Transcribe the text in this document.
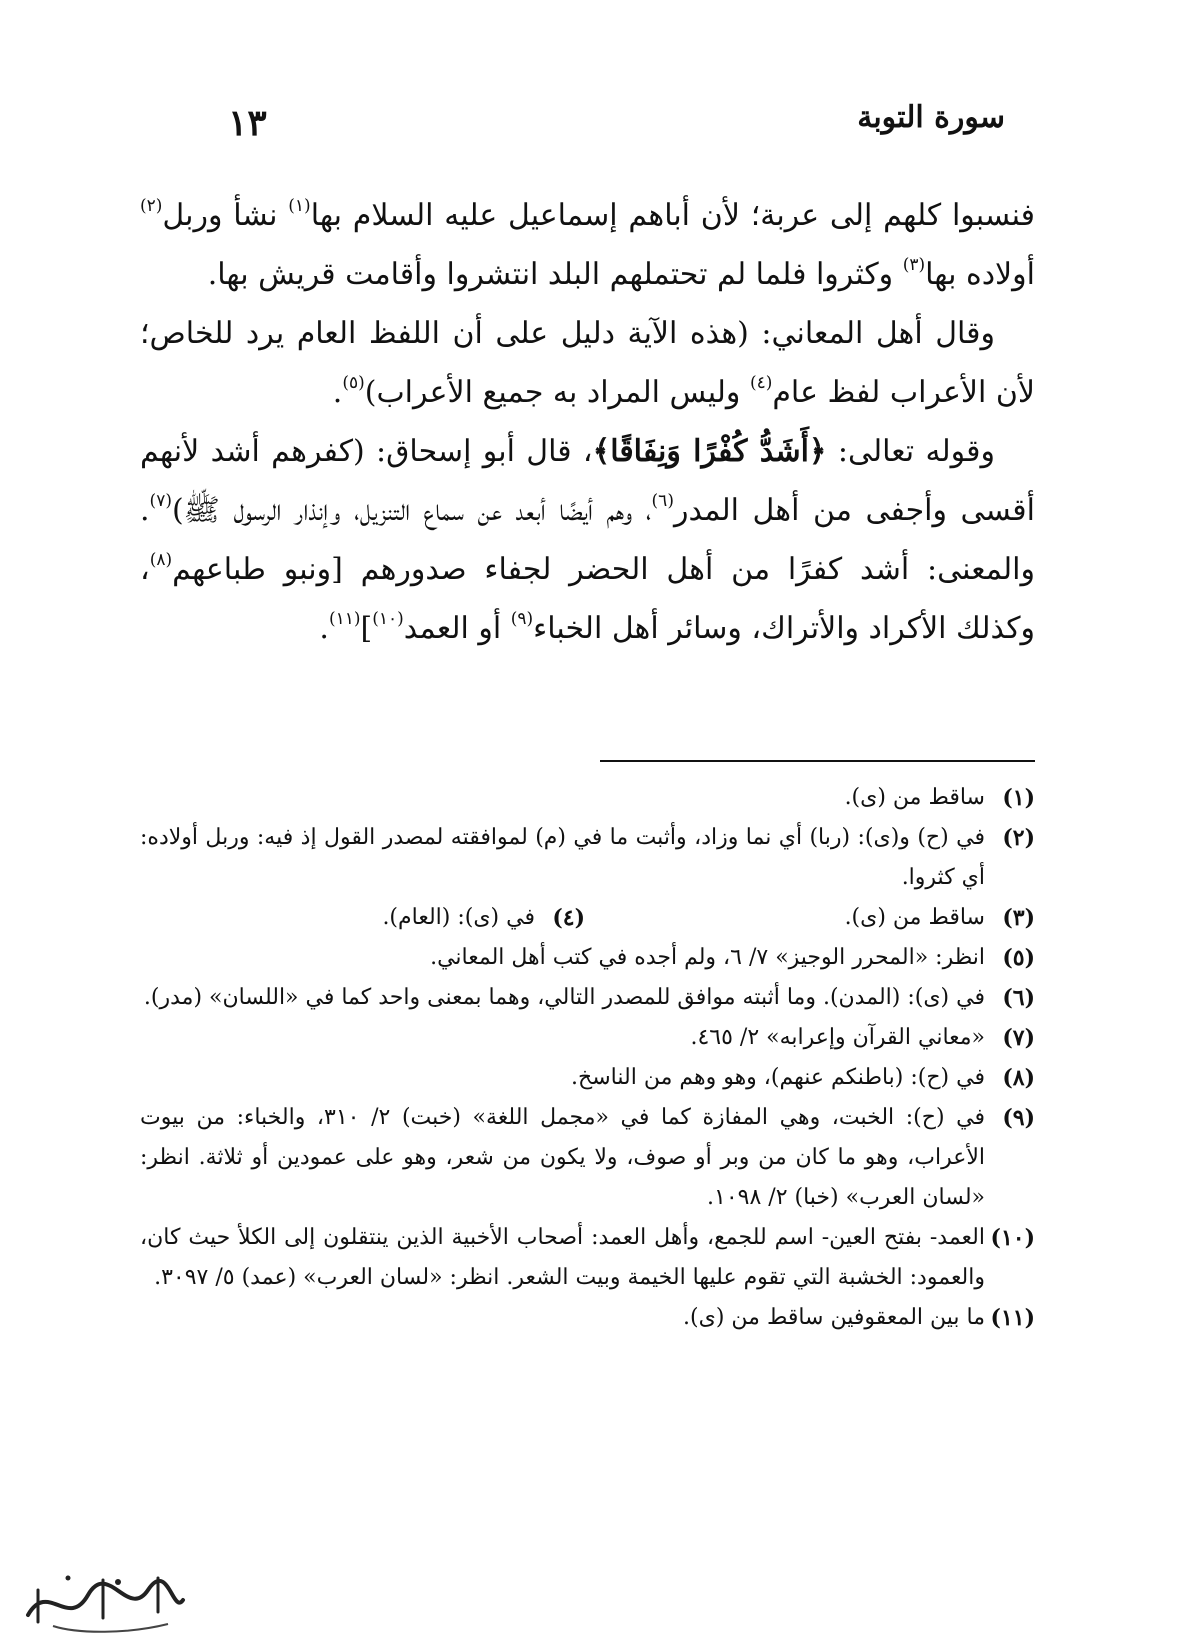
سورة التوبة
١٣

فنسبوا كلهم إلى عربة؛ لأن أباهم إسماعيل عليه السلام بها$^{(١)}$ نشأ وربل$^{(٢)}$ أولاده بها$^{(٣)}$ وكثروا فلما لم تحتملهم البلد انتشروا وأقامت قريش بها.

وقال أهل المعاني: (هذه الآية دليل على أن اللفظ العام يرد للخاص؛ لأن الأعراب لفظ عام$^{(٤)}$ وليس المراد به جميع الأعراب)$^{(٥)}$.

وقوله تعالى: ﴿أَشَدُّ كُفْرًا وَنِفَاقًا﴾، قال أبو إسحاق: (كفرهم أشد لأنهم أقسى وأجفى من أهل المدر$^{(٦)}$، وهم أيضًا أبعد عن سماع التنزيل، وإنذار الرسول ﷺ)$^{(٧)}$. والمعنى: أشد كفرًا من أهل الحضر لجفاء صدورهم [ونبو طباعهم$^{(٨)}$، وكذلك الأكراد والأتراك، وسائر أهل الخباء$^{(٩)}$ أو العمد$^{(١٠)}$]$^{(١١)}$.

(١)
ساقط من (ى).
(٢)
في (ح) و(ى): (ربا) أي نما وزاد، وأثبت ما في (م) لموافقته لمصدر القول إذ فيه: وربل أولاده: أي كثروا.
(٣)
ساقط من (ى).
(٤)
في (ى): (العام).
(٥)
انظر: «المحرر الوجيز» ٧/ ٦، ولم أجده في كتب أهل المعاني.
(٦)
في (ى): (المدن). وما أثبته موافق للمصدر التالي، وهما بمعنى واحد كما في «اللسان» (مدر).
(٧)
«معاني القرآن وإعرابه» ٢/ ٤٦٥.
(٨)
في (ح): (باطنكم عنهم)، وهو وهم من الناسخ.
(٩)
في (ح): الخبت، وهي المفازة كما في «مجمل اللغة» (خبت) ٢/ ٣١٠، والخباء: من بيوت الأعراب، وهو ما كان من وبر أو صوف، ولا يكون من شعر، وهو على عمودين أو ثلاثة. انظر: «لسان العرب» (خبا) ٢/ ١٠٩٨.
(١٠)
العمد- بفتح العين- اسم للجمع، وأهل العمد: أصحاب الأخبية الذين ينتقلون إلى الكلأ حيث كان، والعمود: الخشبة التي تقوم عليها الخيمة وبيت الشعر. انظر: «لسان العرب» (عمد) ٥/ ٣٠٩٧.
(١١)
ما بين المعقوفين ساقط من (ى).
